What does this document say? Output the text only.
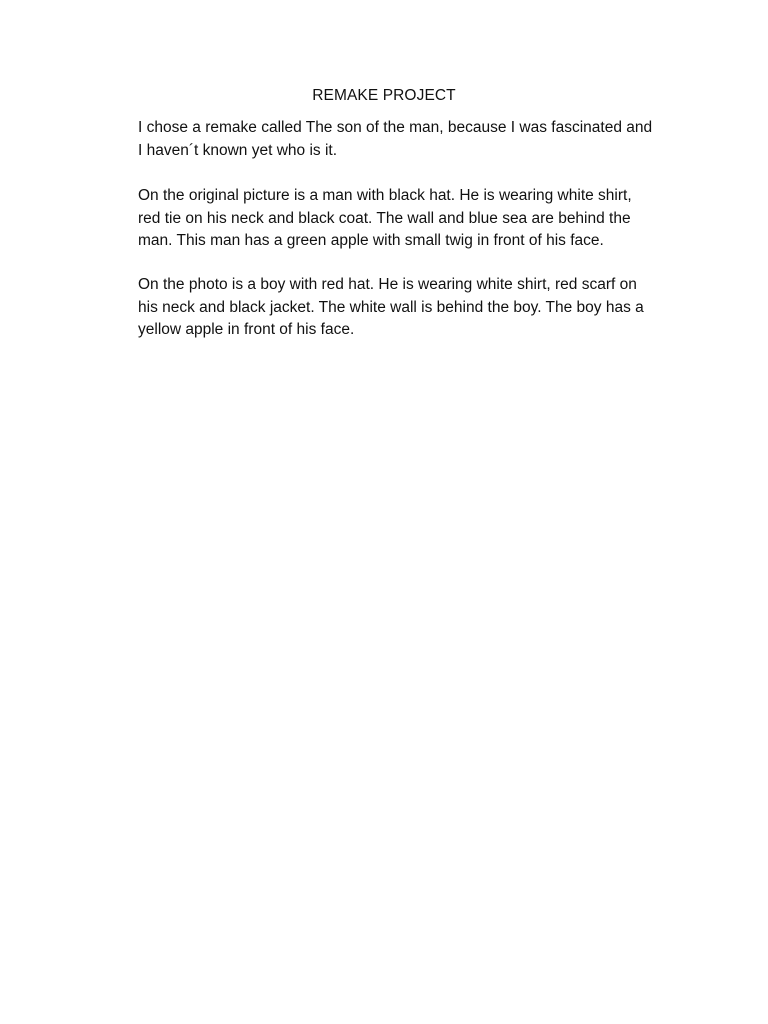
REMAKE PROJECT

I chose a remake called The son of the man, because I was fascinated and
I haven´t known yet who is it.

On the original picture is a man with black hat. He is wearing white shirt,
red tie on his neck and black coat. The wall and blue sea are behind the
man. This man has a green apple with small twig in front of his face.

On the photo is a boy with red hat. He is wearing white shirt, red scarf on
his neck and black jacket. The white wall is behind the boy. The boy has a
yellow apple in front of his face.
